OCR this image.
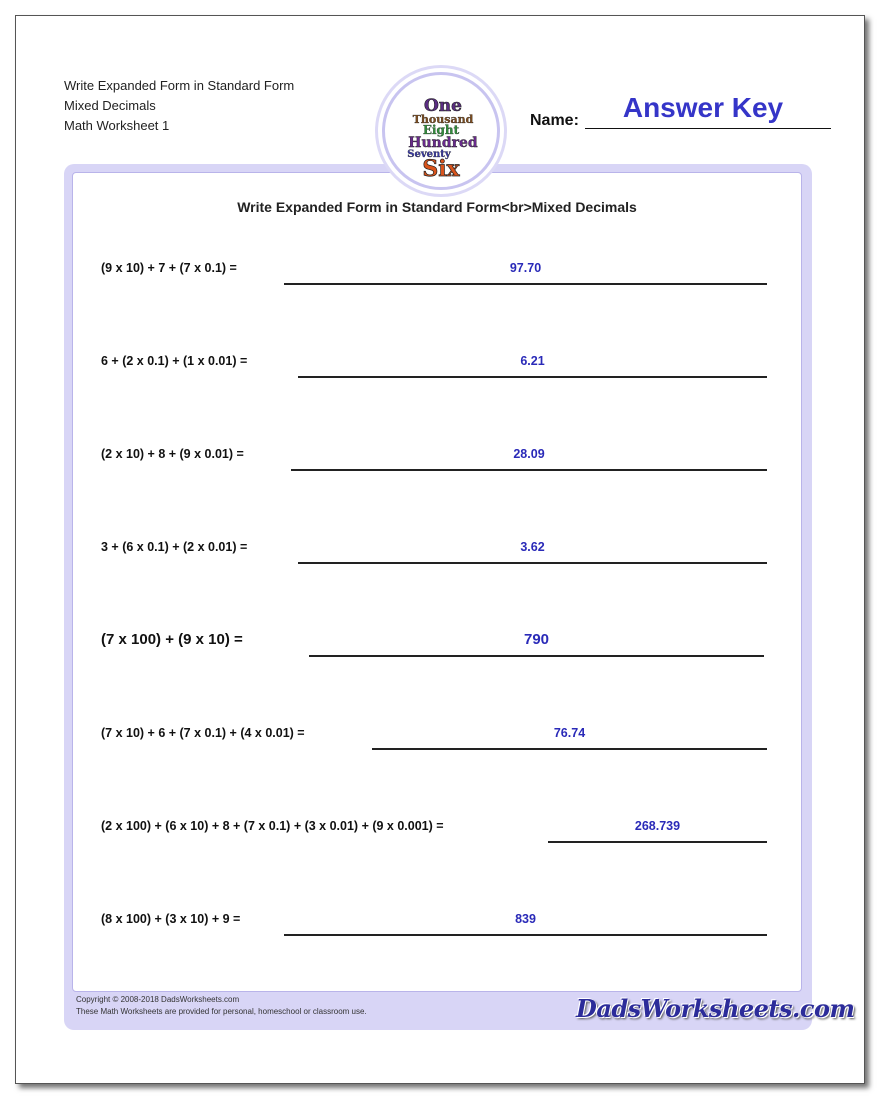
Write Expanded Form in Standard Form
Mixed Decimals
Math Worksheet 1
One
Thousand
Eight
Hundred
Seventy
Six
Name:	Answer Key
Write Expanded Form in Standard Form<br>Mixed Decimals
(9 x 10) + 7 + (7 x 0.1) =	97.70
6 + (2 x 0.1) + (1 x 0.01) =	6.21
(2 x 10) + 8 + (9 x 0.01) =	28.09
3 + (6 x 0.1) + (2 x 0.01) =	3.62
(7 x 100) + (9 x 10) =	790
(7 x 10) + 6 + (7 x 0.1) + (4 x 0.01) =	76.74
(2 x 100) + (6 x 10) + 8 + (7 x 0.1) + (3 x 0.01) + (9 x 0.001) =	268.739
(8 x 100) + (3 x 10) + 9 =	839
Copyright © 2008-2018 DadsWorksheets.com
These Math Worksheets are provided for personal, homeschool or classroom use.	DadsWorksheets.com
